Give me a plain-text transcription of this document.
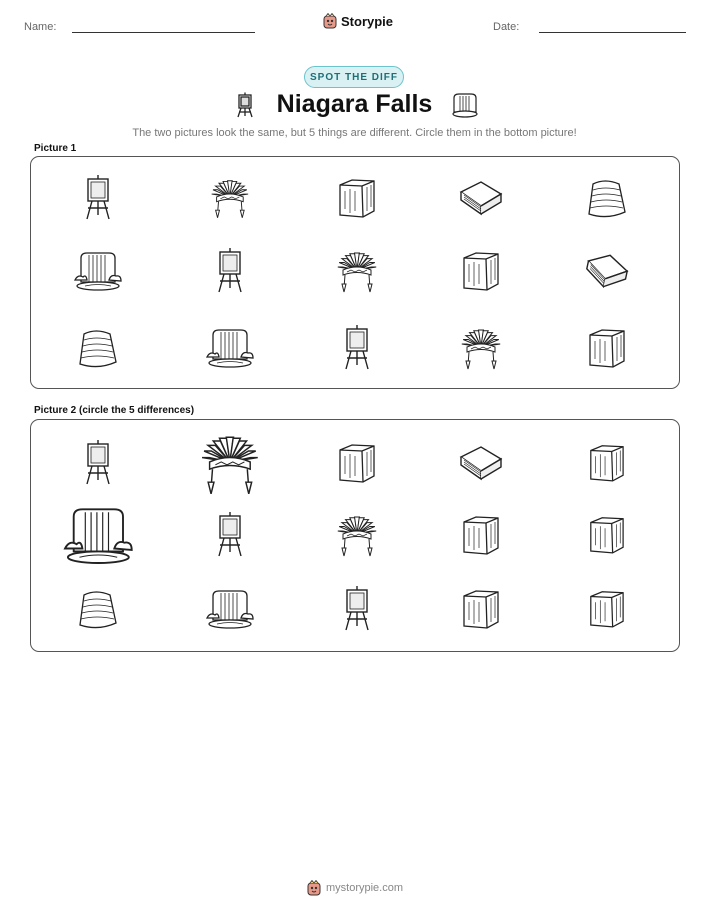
Name:	Storypie	Date:
SPOT THE DIFF
Niagara Falls
The two pictures look the same, but 5 things are different. Circle them in the bottom picture!
Picture 1
Picture 2 (circle the 5 differences)
mystorypie.com
